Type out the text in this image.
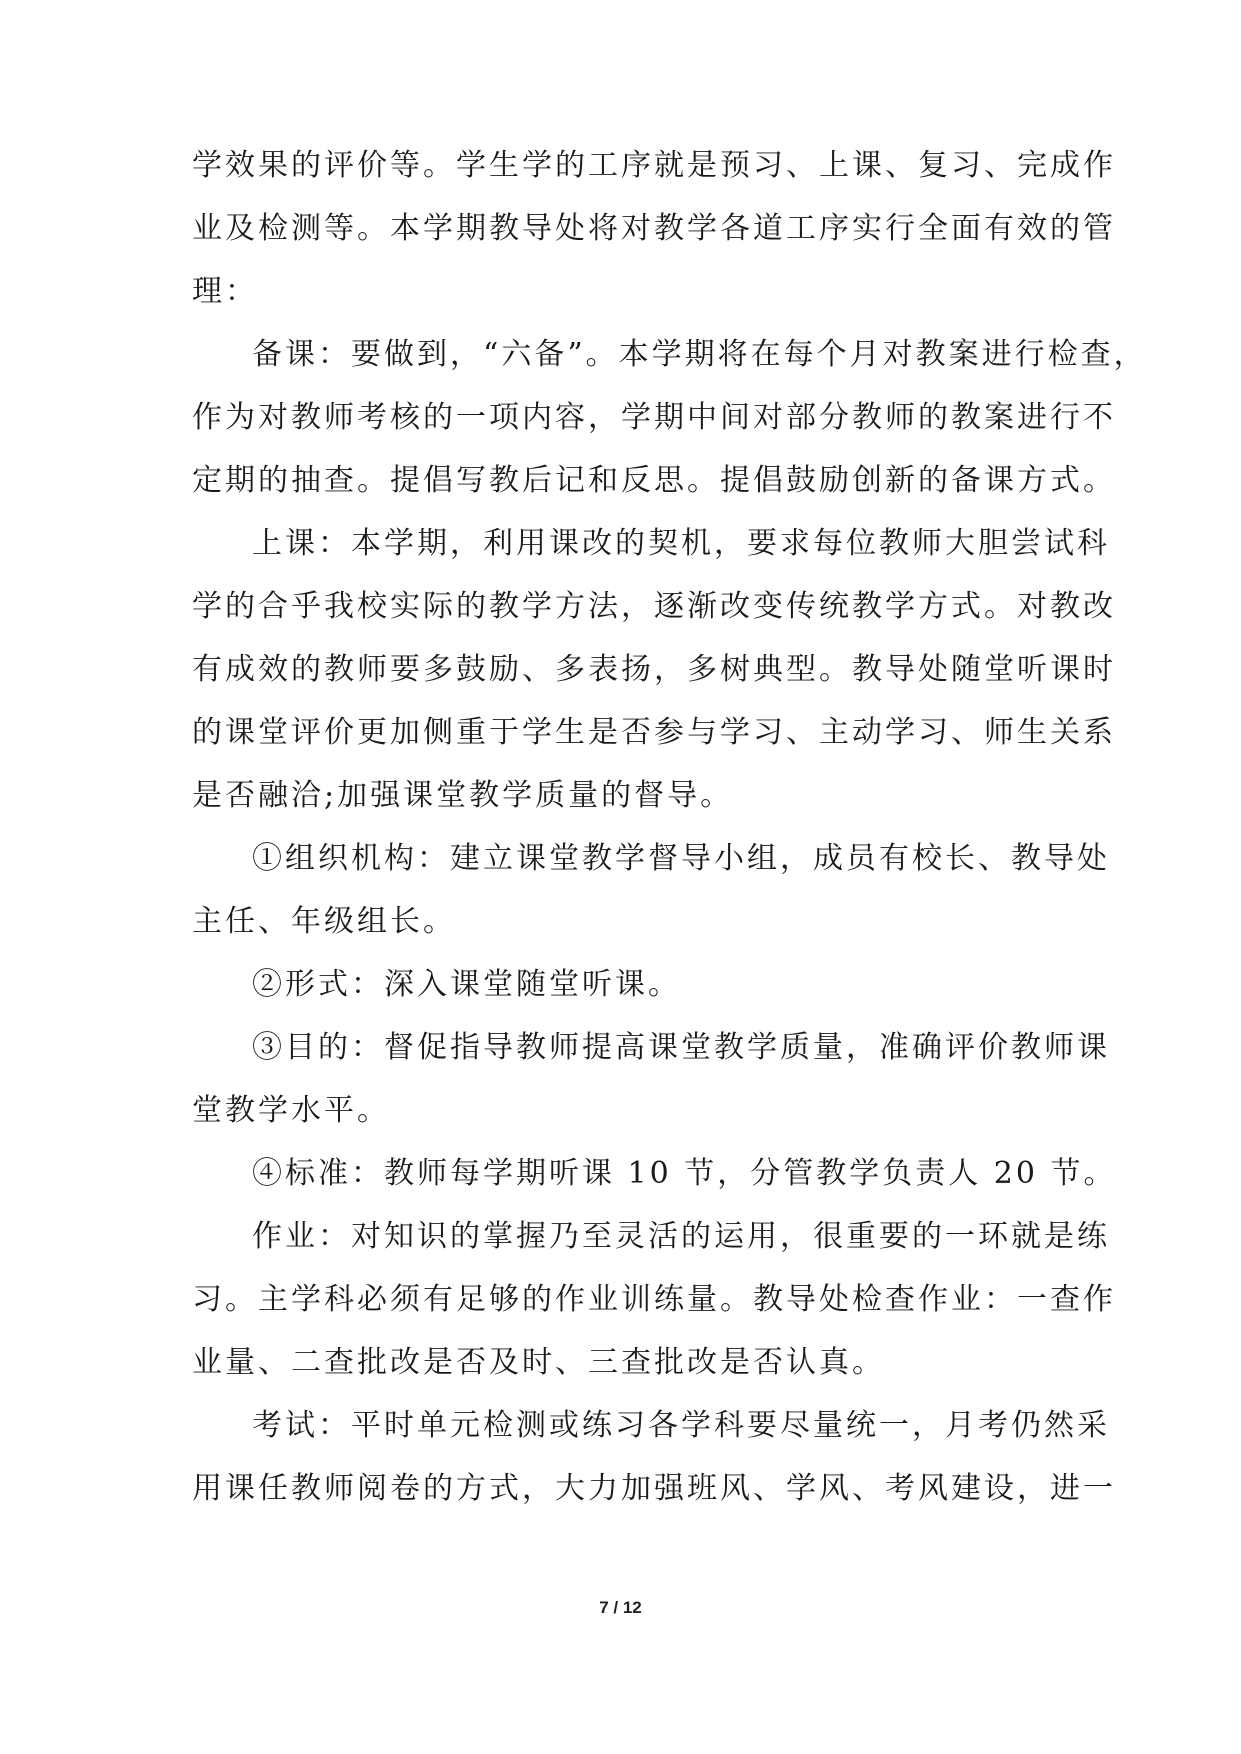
学效果的评价等。学生学的工序就是预习、上课、复习、完成作
业及检测等。本学期教导处将对教学各道工序实行全面有效的管
理：
备课：要做到，“六备”。本学期将在每个月对教案进行检查，
作为对教师考核的一项内容，学期中间对部分教师的教案进行不
定期的抽查。提倡写教后记和反思。提倡鼓励创新的备课方式。
上课：本学期，利用课改的契机，要求每位教师大胆尝试科
学的合乎我校实际的教学方法，逐渐改变传统教学方式。对教改
有成效的教师要多鼓励、多表扬，多树典型。教导处随堂听课时
的课堂评价更加侧重于学生是否参与学习、主动学习、师生关系
是否融洽;加强课堂教学质量的督导。
①组织机构：建立课堂教学督导小组，成员有校长、教导处
主任、年级组长。
②形式：深入课堂随堂听课。
③目的：督促指导教师提高课堂教学质量，准确评价教师课
堂教学水平。
④标准：教师每学期听课 10 节，分管教学负责人 20 节。
作业：对知识的掌握乃至灵活的运用，很重要的一环就是练
习。主学科必须有足够的作业训练量。教导处检查作业：一查作
业量、二查批改是否及时、三查批改是否认真。
考试：平时单元检测或练习各学科要尽量统一，月考仍然采
用课任教师阅卷的方式，大力加强班风、学风、考风建设，进一
7 / 12
